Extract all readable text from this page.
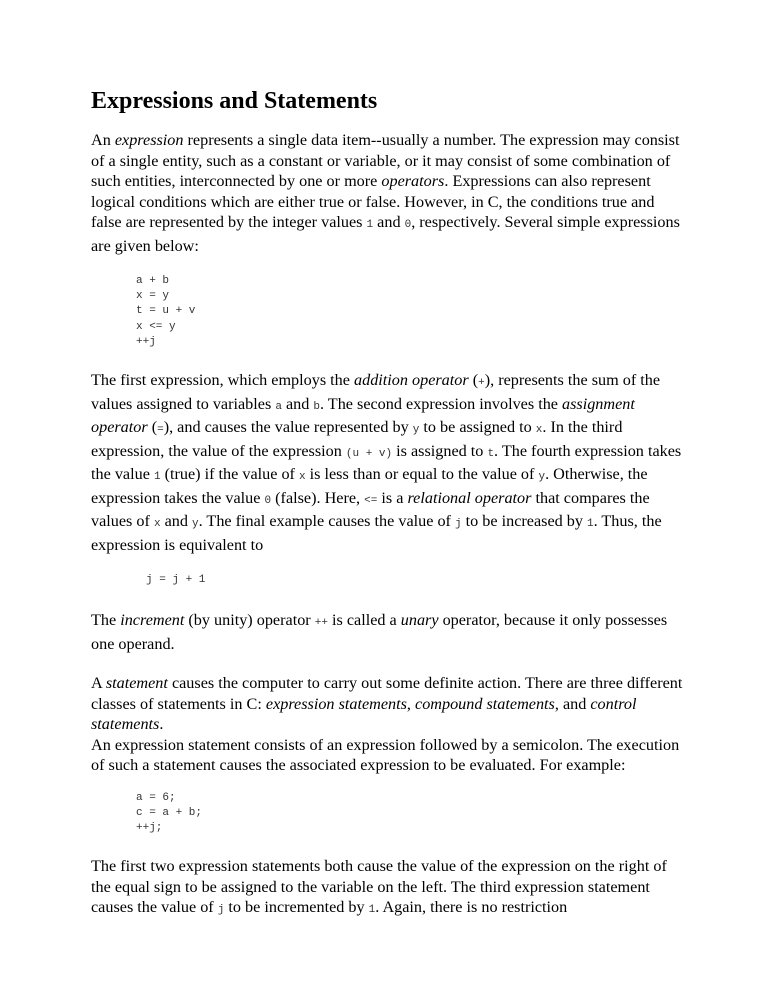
Expressions and Statements

An expression represents a single data item--usually a number. The expression may consist of a single entity, such as a constant or variable, or it may consist of some combination of such entities, interconnected by one or more operators. Expressions can also represent logical conditions which are either true or false. However, in C, the conditions true and false are represented by the integer values 1 and 0, respectively. Several simple expressions are given below:

a + b
x = y
t = u + v
x <= y
++j

The first expression, which employs the addition operator (+), represents the sum of the values assigned to variables a and b. The second expression involves the assignment operator (=), and causes the value represented by y to be assigned to x. In the third expression, the value of the expression (u + v) is assigned to t. The fourth expression takes the value 1 (true) if the value of x is less than or equal to the value of y. Otherwise, the expression takes the value 0 (false). Here, <= is a relational operator that compares the values of x and y. The final example causes the value of j to be increased by 1. Thus, the expression is equivalent to

j = j + 1

The increment (by unity) operator ++ is called a unary operator, because it only possesses one operand.

A statement causes the computer to carry out some definite action. There are three different classes of statements in C: expression statements, compound statements, and control statements.

An expression statement consists of an expression followed by a semicolon. The execution of such a statement causes the associated expression to be evaluated. For example:

a = 6;
c = a + b;
++j;

The first two expression statements both cause the value of the expression on the right of the equal sign to be assigned to the variable on the left. The third expression statement causes the value of j to be incremented by 1. Again, there is no restriction
